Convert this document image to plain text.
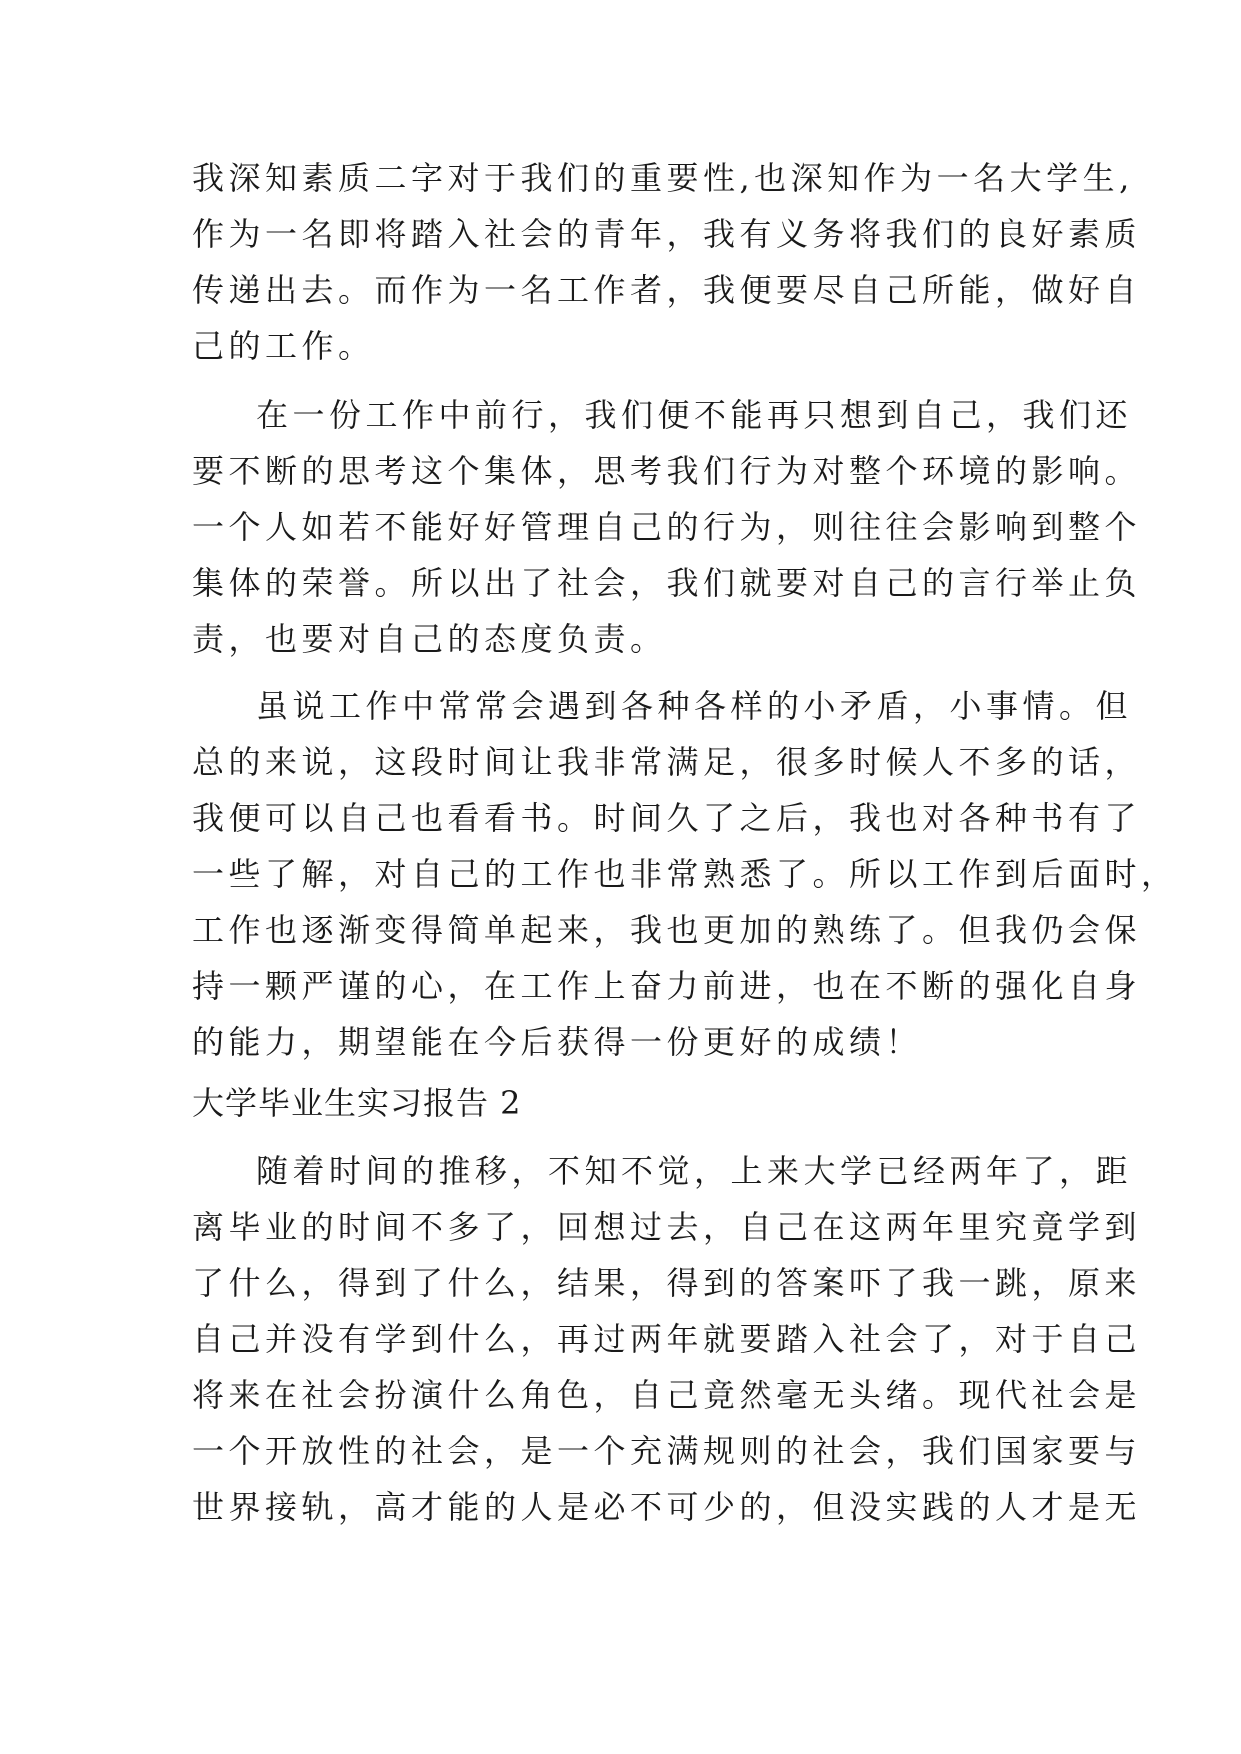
我深知素质二字对于我们的重要性,也深知作为一名大学生,
作为一名即将踏入社会的青年，我有义务将我们的良好素质
传递出去。而作为一名工作者，我便要尽自己所能，做好自
己的工作。
在一份工作中前行，我们便不能再只想到自己，我们还
要不断的思考这个集体，思考我们行为对整个环境的影响。
一个人如若不能好好管理自己的行为，则往往会影响到整个
集体的荣誉。所以出了社会，我们就要对自己的言行举止负
责，也要对自己的态度负责。
虽说工作中常常会遇到各种各样的小矛盾，小事情。但
总的来说，这段时间让我非常满足，很多时候人不多的话，
我便可以自己也看看书。时间久了之后，我也对各种书有了
一些了解，对自己的工作也非常熟悉了。所以工作到后面时，
工作也逐渐变得简单起来，我也更加的熟练了。但我仍会保
持一颗严谨的心，在工作上奋力前进，也在不断的强化自身
的能力，期望能在今后获得一份更好的成绩！
大学毕业生实习报告 2
随着时间的推移，不知不觉，上来大学已经两年了，距
离毕业的时间不多了，回想过去，自己在这两年里究竟学到
了什么，得到了什么，结果，得到的答案吓了我一跳，原来
自己并没有学到什么，再过两年就要踏入社会了，对于自己
将来在社会扮演什么角色，自己竟然毫无头绪。现代社会是
一个开放性的社会，是一个充满规则的社会，我们国家要与
世界接轨，高才能的人是必不可少的，但没实践的人才是无
